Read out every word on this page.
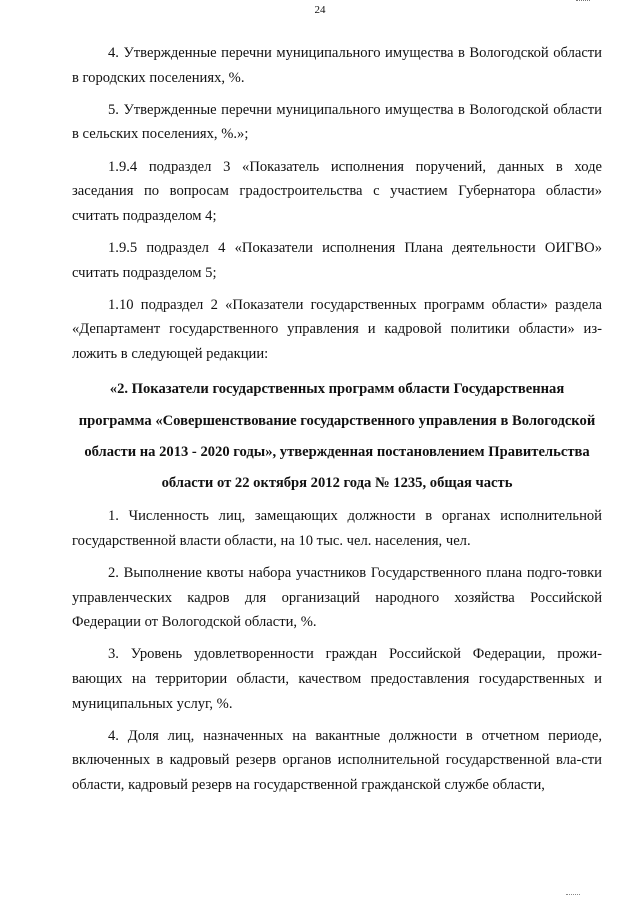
24

4. Утвержденные перечни муниципального имущества в Вологодской области в городских поселениях, %.

5. Утвержденные перечни муниципального имущества в Вологодской области в сельских поселениях, %.»;

1.9.4 подраздел 3 «Показатель исполнения поручений, данных в ходе заседания по вопросам градостроительства с участием Губернатора области» считать подразделом 4;

1.9.5 подраздел 4 «Показатели исполнения Плана деятельности ОИГВО» считать подразделом 5;

1.10 подраздел 2 «Показатели государственных программ области» раздела «Департамент государственного управления и кадровой политики области» из-ложить в следующей редакции:

«2. Показатели государственных программ области Государственная программа «Совершенствование государственного управления в Вологодской области на 2013 - 2020 годы», утвержденная постановлением Правительства области от 22 октября 2012 года № 1235, общая часть

1. Численность лиц, замещающих должности в органах исполнительной государственной власти области, на 10 тыс. чел. населения, чел.

2. Выполнение квоты набора участников Государственного плана подго-товки управленческих кадров для организаций народного хозяйства Российской Федерации от Вологодской области, %.

3. Уровень удовлетворенности граждан Российской Федерации, прожи-вающих на территории области, качеством предоставления государственных и муниципальных услуг, %.

4. Доля лиц, назначенных на вакантные должности в отчетном периоде, включенных в кадровый резерв органов исполнительной государственной вла-сти области, кадровый резерв на государственной гражданской службе области,
